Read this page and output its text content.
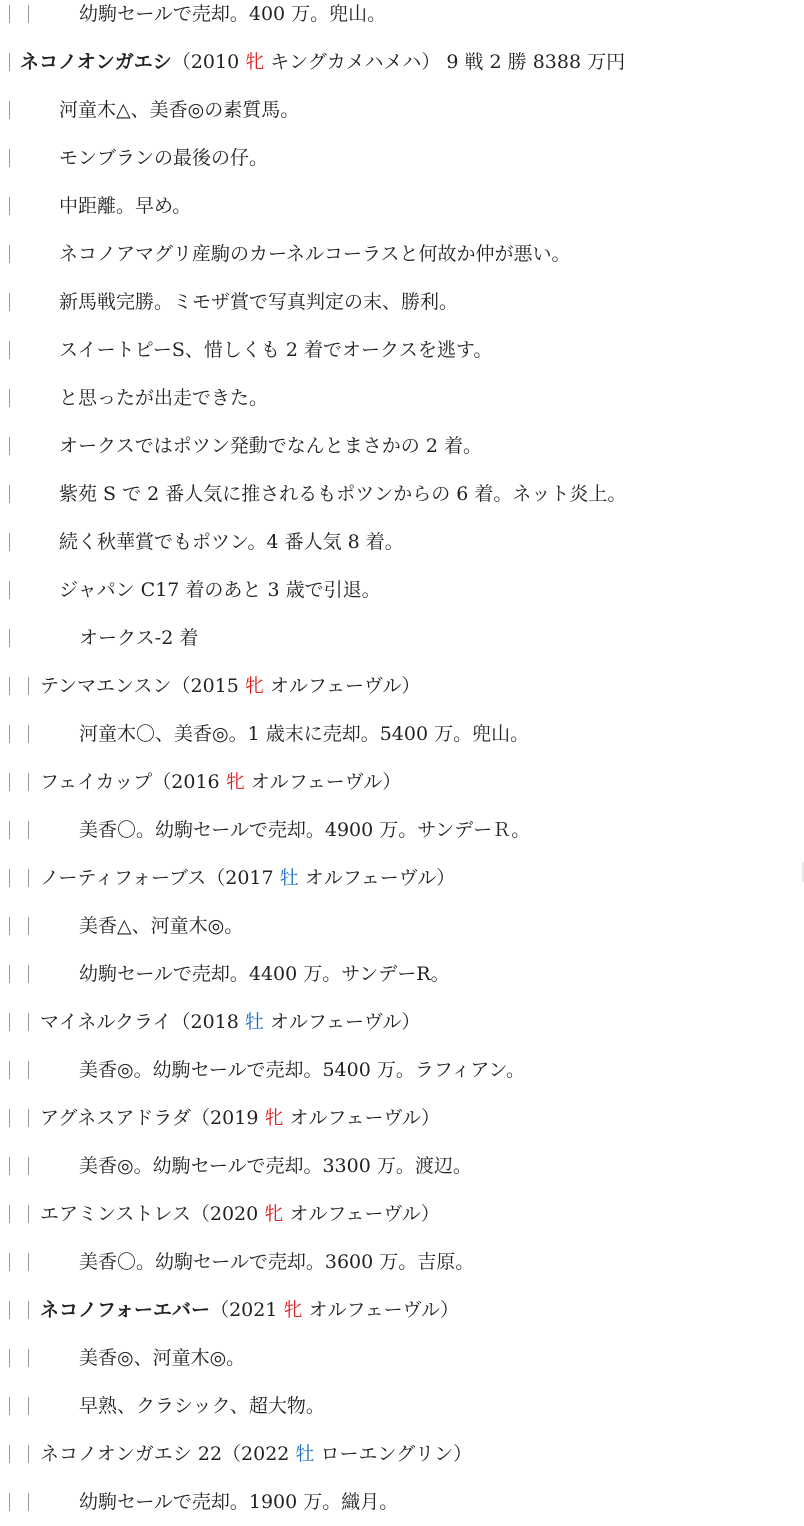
幼駒セールで売却。400 万。兜山。
ネコノオンガエシ（2010 牝 キングカメハメハ） 9 戦 2 勝 8388 万円
河童木△、美香◎の素質馬。
モンブランの最後の仔。
中距離。早め。
ネコノアマグリ産駒のカーネルコーラスと何故か仲が悪い。
新馬戦完勝。ミモザ賞で写真判定の末、勝利。
スイートピーS、惜しくも 2 着でオークスを逃す。
と思ったが出走できた。
オークスではポツン発動でなんとまさかの 2 着。
紫苑 S で 2 番人気に推されるもポツンからの 6 着。ネット炎上。
続く秋華賞でもポツン。4 番人気 8 着。
ジャパン C17 着のあと 3 歳で引退。
オークス-2 着
テンマエンスン（2015 牝 オルフェーヴル）
河童木〇、美香◎。1 歳末に売却。5400 万。兜山。
フェイカップ（2016 牝 オルフェーヴル）
美香〇。幼駒セールで売却。4900 万。サンデーＲ。
ノーティフォーブス（2017 牡 オルフェーヴル）
美香△、河童木◎。
幼駒セールで売却。4400 万。サンデーR。
マイネルクライ（2018 牡 オルフェーヴル）
美香◎。幼駒セールで売却。5400 万。ラフィアン。
アグネスアドラダ（2019 牝 オルフェーヴル）
美香◎。幼駒セールで売却。3300 万。渡辺。
エアミンストレス（2020 牝 オルフェーヴル）
美香〇。幼駒セールで売却。3600 万。吉原。
ネコノフォーエバー（2021 牝 オルフェーヴル）
美香◎、河童木◎。
早熟、クラシック、超大物。
ネコノオンガエシ 22（2022 牡 ローエングリン）
幼駒セールで売却。1900 万。織月。
